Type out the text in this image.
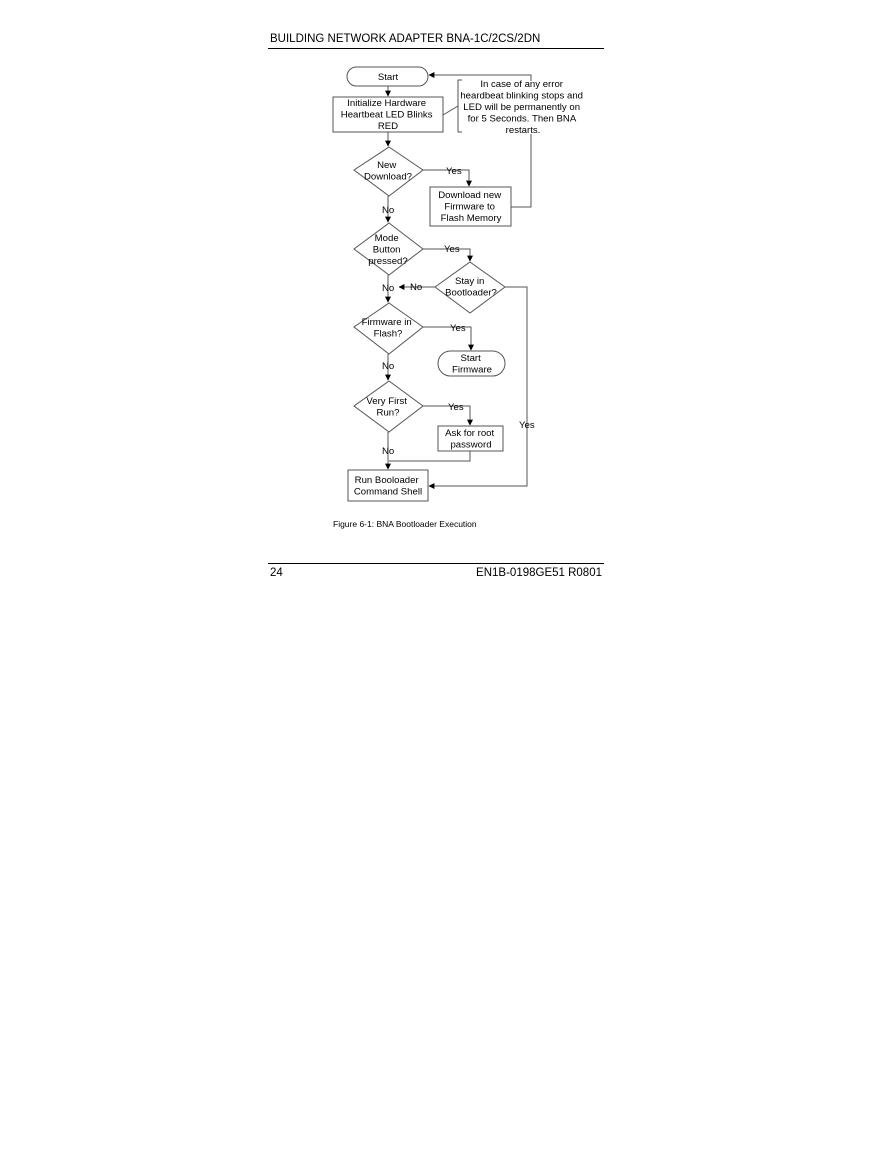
BUILDING NETWORK ADAPTER BNA-1C/2CS/2DN
Start
Initialize Hardware Heartbeat LED Blinks RED
In case of any error heardbeat blinking stops and LED will be permanently on for 5 Seconds. Then BNA restarts.
New Download?
Download new Firmware to Flash Memory
Mode Button pressed?
Stay in Bootloader?
Firmware in Flash?
Start Firmware
Very First Run?
Ask for root password
Run Booloader Command Shell
Yes
No
Yes
No
No
Yes
No
Yes
Yes
No
Figure 6-1: BNA Bootloader Execution
24	EN1B-0198GE51 R0801
